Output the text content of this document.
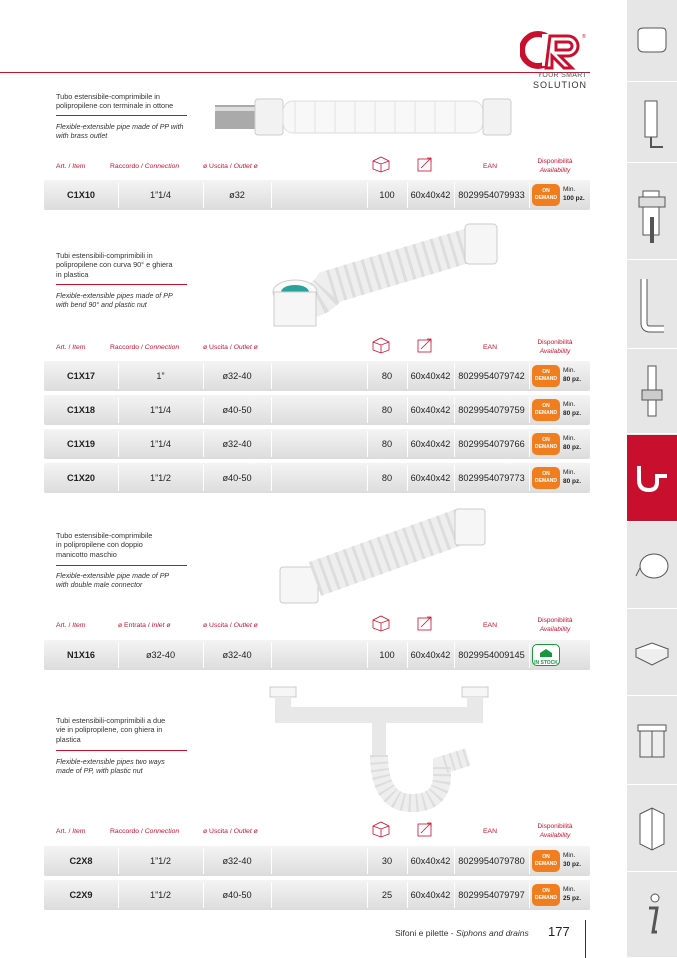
®
YOUR SMART
SOLUTION
Tubo estensibile-comprimibile in
polipropilene con terminale in ottone
Flexible-extensible pipe made of PP with
with brass outlet
Art. / Item	Raccordo / Connection	ø Uscita / Outlet ø	EAN
Disponibilità
Availability
C1X10	1”1/4	ø32	100	60x40x42 8029954079933	ON
DEMAND
Min.
100 pz.
Tubi estensibili-comprimibili in
polipropilene con curva 90° e ghiera
in plastica
Flexible-extensible pipes made of PP
with bend 90° and plastic nut
Art. / Item	Raccordo / Connection	ø Uscita / Outlet ø	EAN
Disponibilità
Availability
C1X17	1”	ø32-40	80	60x40x42 8029954079742	ON
DEMAND
Min.
80 pz.
C1X18	1”1/4	ø40-50	80	60x40x42 8029954079759	ON
DEMAND
Min.
80 pz.
C1X19	1”1/4	ø32-40	80	60x40x42 8029954079766	ON
DEMAND
Min.
80 pz.
C1X20	1”1/2	ø40-50	80	60x40x42 8029954079773	ON
DEMAND
Min.
80 pz.
Tubo estensibile-comprimibile
in polipropilene con doppio
manicotto maschio
Flexible-extensible pipe made of PP
with double male connector
Art. / Item	ø Entrata / Inlet ø	ø Uscita / Outlet ø	EAN
Disponibilità
Availability
N1X16	ø32-40	ø32-40	100	60x40x42 8029954009145
IN STOCK
Tubi estensibili-comprimibili a due
vie in polipropilene, con ghiera in
plastica
Flexible-extensible pipes two ways
made of PP, with plastic nut
Art. / Item	Raccordo / Connection	ø Uscita / Outlet ø	EAN
Disponibilità
Availability
C2X8	1”1/2	ø32-40	30	60x40x42 8029954079780	ON
DEMAND
Min.
30 pz.
C2X9	1”1/2	ø40-50	25	60x40x42 8029954079797	ON
DEMAND
Min.
25 pz.
Sifoni e pilette - Siphons and drains 177
